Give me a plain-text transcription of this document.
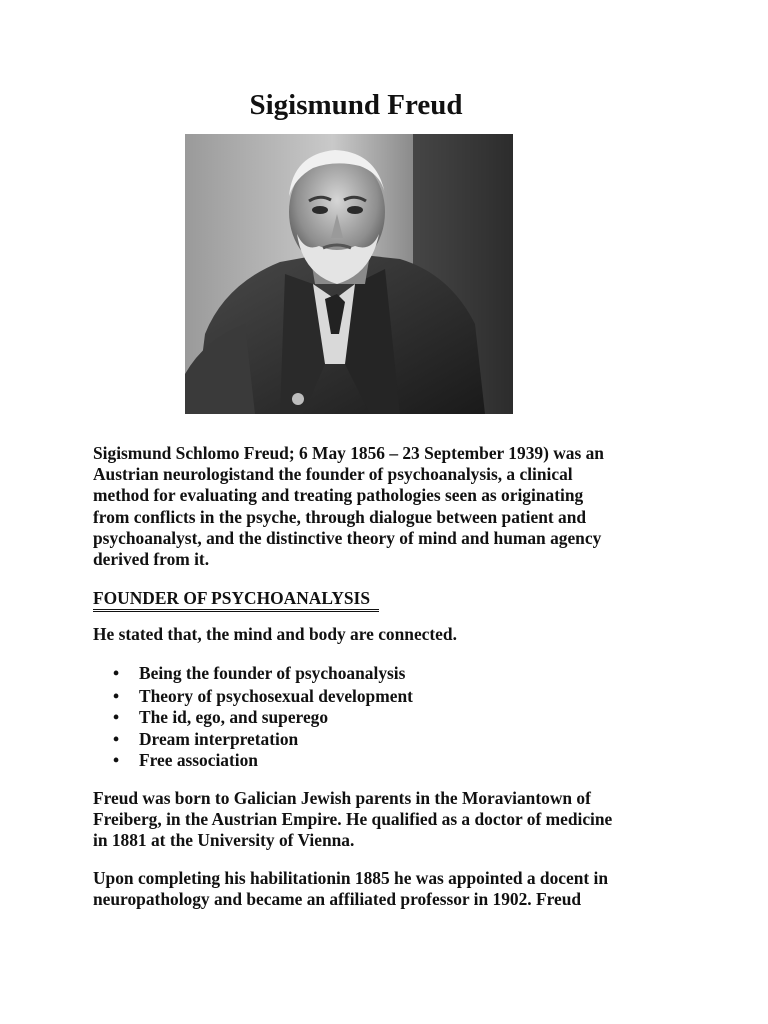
Sigismund Freud

Sigismund Schlomo Freud; 6 May 1856 – 23 September 1939) was an
Austrian neurologistand the founder of psychoanalysis, a clinical
method for evaluating and treating pathologies seen as originating
from conflicts in the psyche, through dialogue between patient and
psychoanalyst, and the distinctive theory of mind and human agency
derived from it.

FOUNDER OF PSYCHOANALYSIS

He stated that, the mind and body are connected.

• Being the founder of psychoanalysis
• Theory of psychosexual development
• The id, ego, and superego
• Dream interpretation
• Free association

Freud was born to Galician Jewish parents in the Moraviantown of
Freiberg, in the Austrian Empire. He qualified as a doctor of medicine
in 1881 at the University of Vienna.

Upon completing his habilitationin 1885 he was appointed a docent in
neuropathology and became an affiliated professor in 1902. Freud
